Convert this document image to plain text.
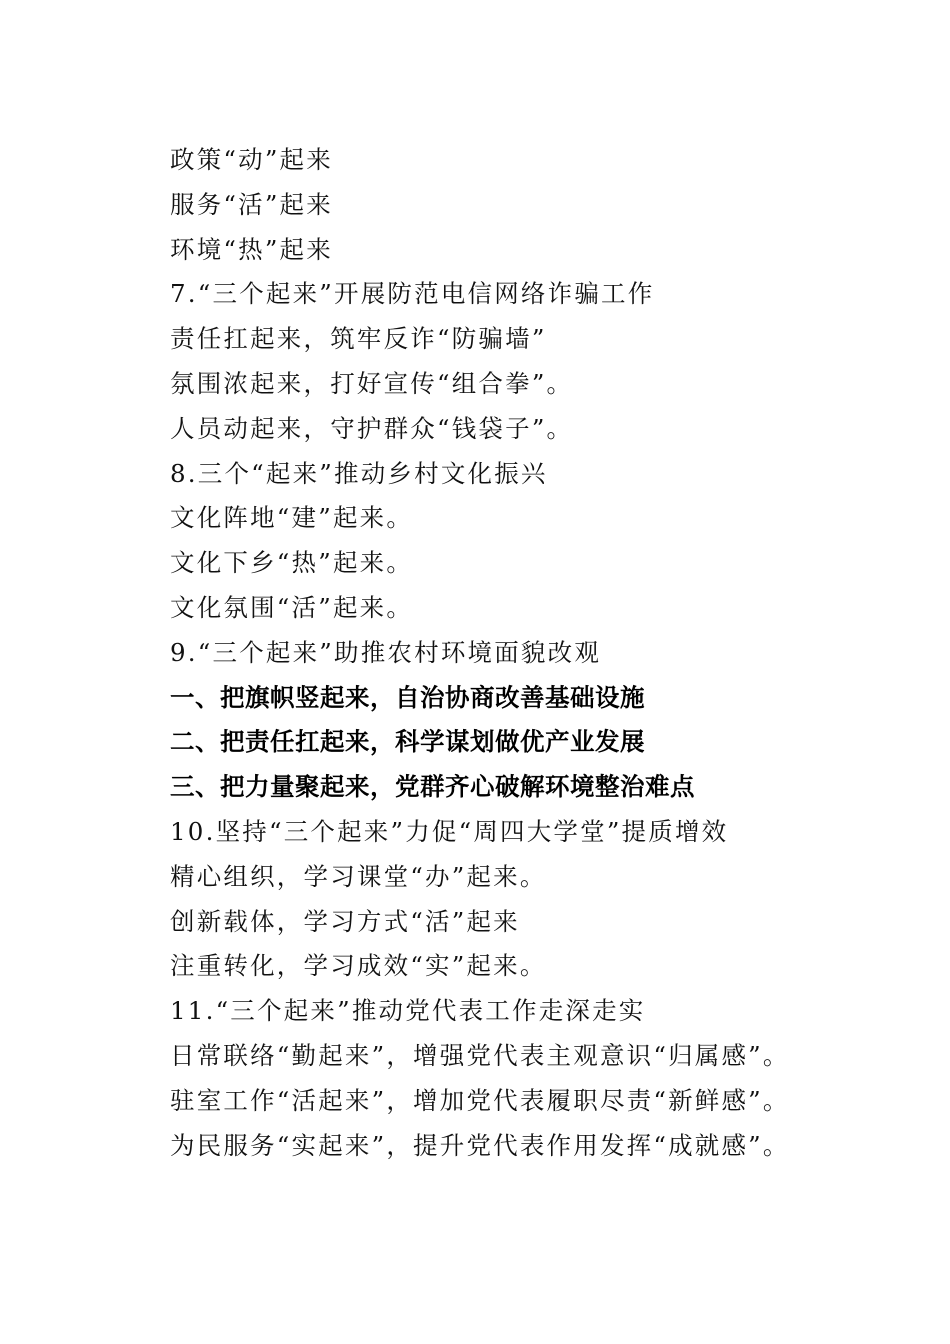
政策“动”起来
服务“活”起来
环境“热”起来
7.“三个起来”开展防范电信网络诈骗工作
责任扛起来，筑牢反诈“防骗墙”
氛围浓起来，打好宣传“组合拳”。
人员动起来，守护群众“钱袋子”。
8.三个“起来”推动乡村文化振兴
文化阵地“建”起来。
文化下乡“热”起来。
文化氛围“活”起来。
9.“三个起来”助推农村环境面貌改观
一、把旗帜竖起来，自治协商改善基础设施
二、把责任扛起来，科学谋划做优产业发展
三、把力量聚起来，党群齐心破解环境整治难点
10.坚持“三个起来”力促“周四大学堂”提质增效
精心组织，学习课堂“办”起来。
创新载体，学习方式“活”起来
注重转化，学习成效“实”起来。
11.“三个起来”推动党代表工作走深走实
日常联络“勤起来”，增强党代表主观意识“归属感”。
驻室工作“活起来”，增加党代表履职尽责“新鲜感”。
为民服务“实起来”，提升党代表作用发挥“成就感”。
